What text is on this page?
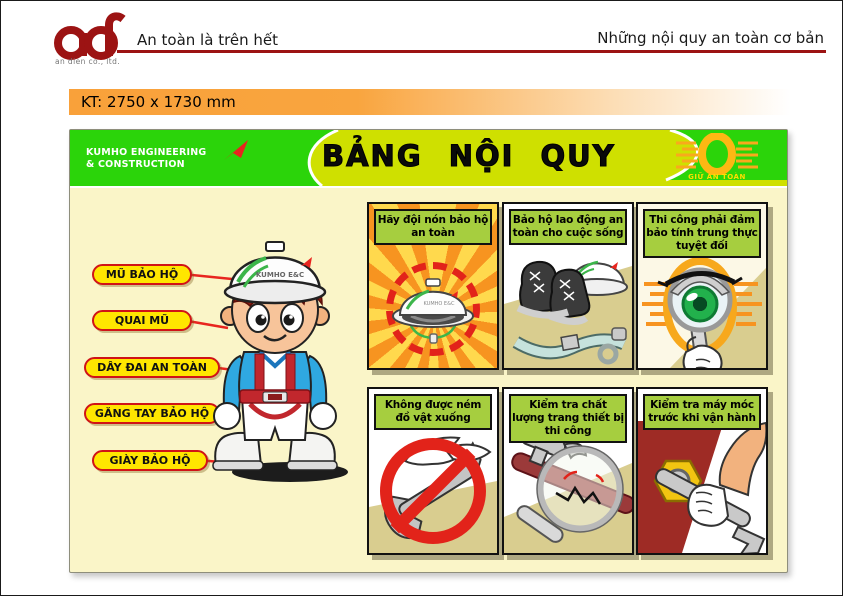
an dien co., ltd.
An toàn là trên hết	Những nội quy an toàn cơ bản
KT: 2750 x 1730 mm
KUMHO ENGINEERING
& CONSTRUCTION	BẢNG NỘI QUY
GIỮ AN TOÀN
MŨ BẢO HỘ
QUAI MŨ
DÂY ĐAI AN TOÀN
GĂNG TAY BẢO HỘ
GIÀY BẢO HỘ
KUMHO E&C
KUMHO E&C
Hãy đội nón bảo hộ an toàn
Bảo hộ lao động an toàn cho cuộc sống
Thi công phải đảm bảo tính trung thực tuyệt đối
Không được ném đồ vật xuống
Kiểm tra chất lượng trang thiết bị thi công
Kiểm tra máy móc trước khi vận hành
